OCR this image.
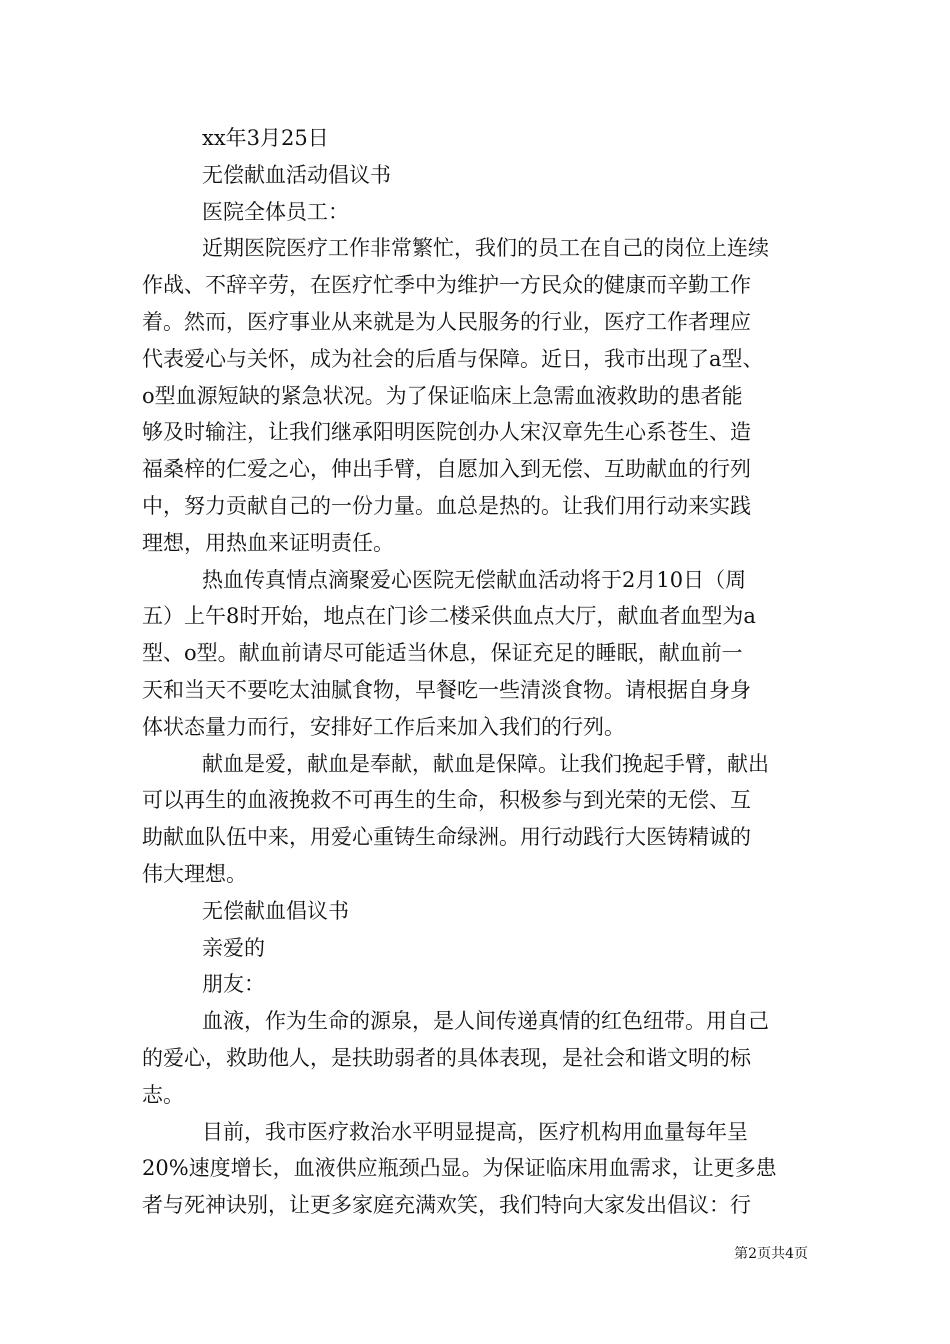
xx年3月25日
无偿献血活动倡议书
医院全体员工：
近期医院医疗工作非常繁忙，我们的员工在自己的岗位上连续
作战、不辞辛劳，在医疗忙季中为维护一方民众的健康而辛勤工作
着。然而，医疗事业从来就是为人民服务的行业，医疗工作者理应
代表爱心与关怀，成为社会的后盾与保障。近日，我市出现了a型、
o型血源短缺的紧急状况。为了保证临床上急需血液救助的患者能
够及时输注，让我们继承阳明医院创办人宋汉章先生心系苍生、造
福桑梓的仁爱之心，伸出手臂，自愿加入到无偿、互助献血的行列
中，努力贡献自己的一份力量。血总是热的。让我们用行动来实践
理想，用热血来证明责任。
热血传真情点滴聚爱心医院无偿献血活动将于2月10日（周
五）上午8时开始，地点在门诊二楼采供血点大厅，献血者血型为a
型、o型。献血前请尽可能适当休息，保证充足的睡眠，献血前一
天和当天不要吃太油腻食物，早餐吃一些清淡食物。请根据自身身
体状态量力而行，安排好工作后来加入我们的行列。
献血是爱，献血是奉献，献血是保障。让我们挽起手臂，献出
可以再生的血液挽救不可再生的生命，积极参与到光荣的无偿、互
助献血队伍中来，用爱心重铸生命绿洲。用行动践行大医铸精诚的
伟大理想。
无偿献血倡议书
亲爱的
朋友：
血液，作为生命的源泉，是人间传递真情的红色纽带。用自己
的爱心，救助他人，是扶助弱者的具体表现，是社会和谐文明的标
志。
目前，我市医疗救治水平明显提高，医疗机构用血量每年呈
20%速度增长，血液供应瓶颈凸显。为保证临床用血需求，让更多患
者与死神诀别，让更多家庭充满欢笑，我们特向大家发出倡议：行
第2页共4页
